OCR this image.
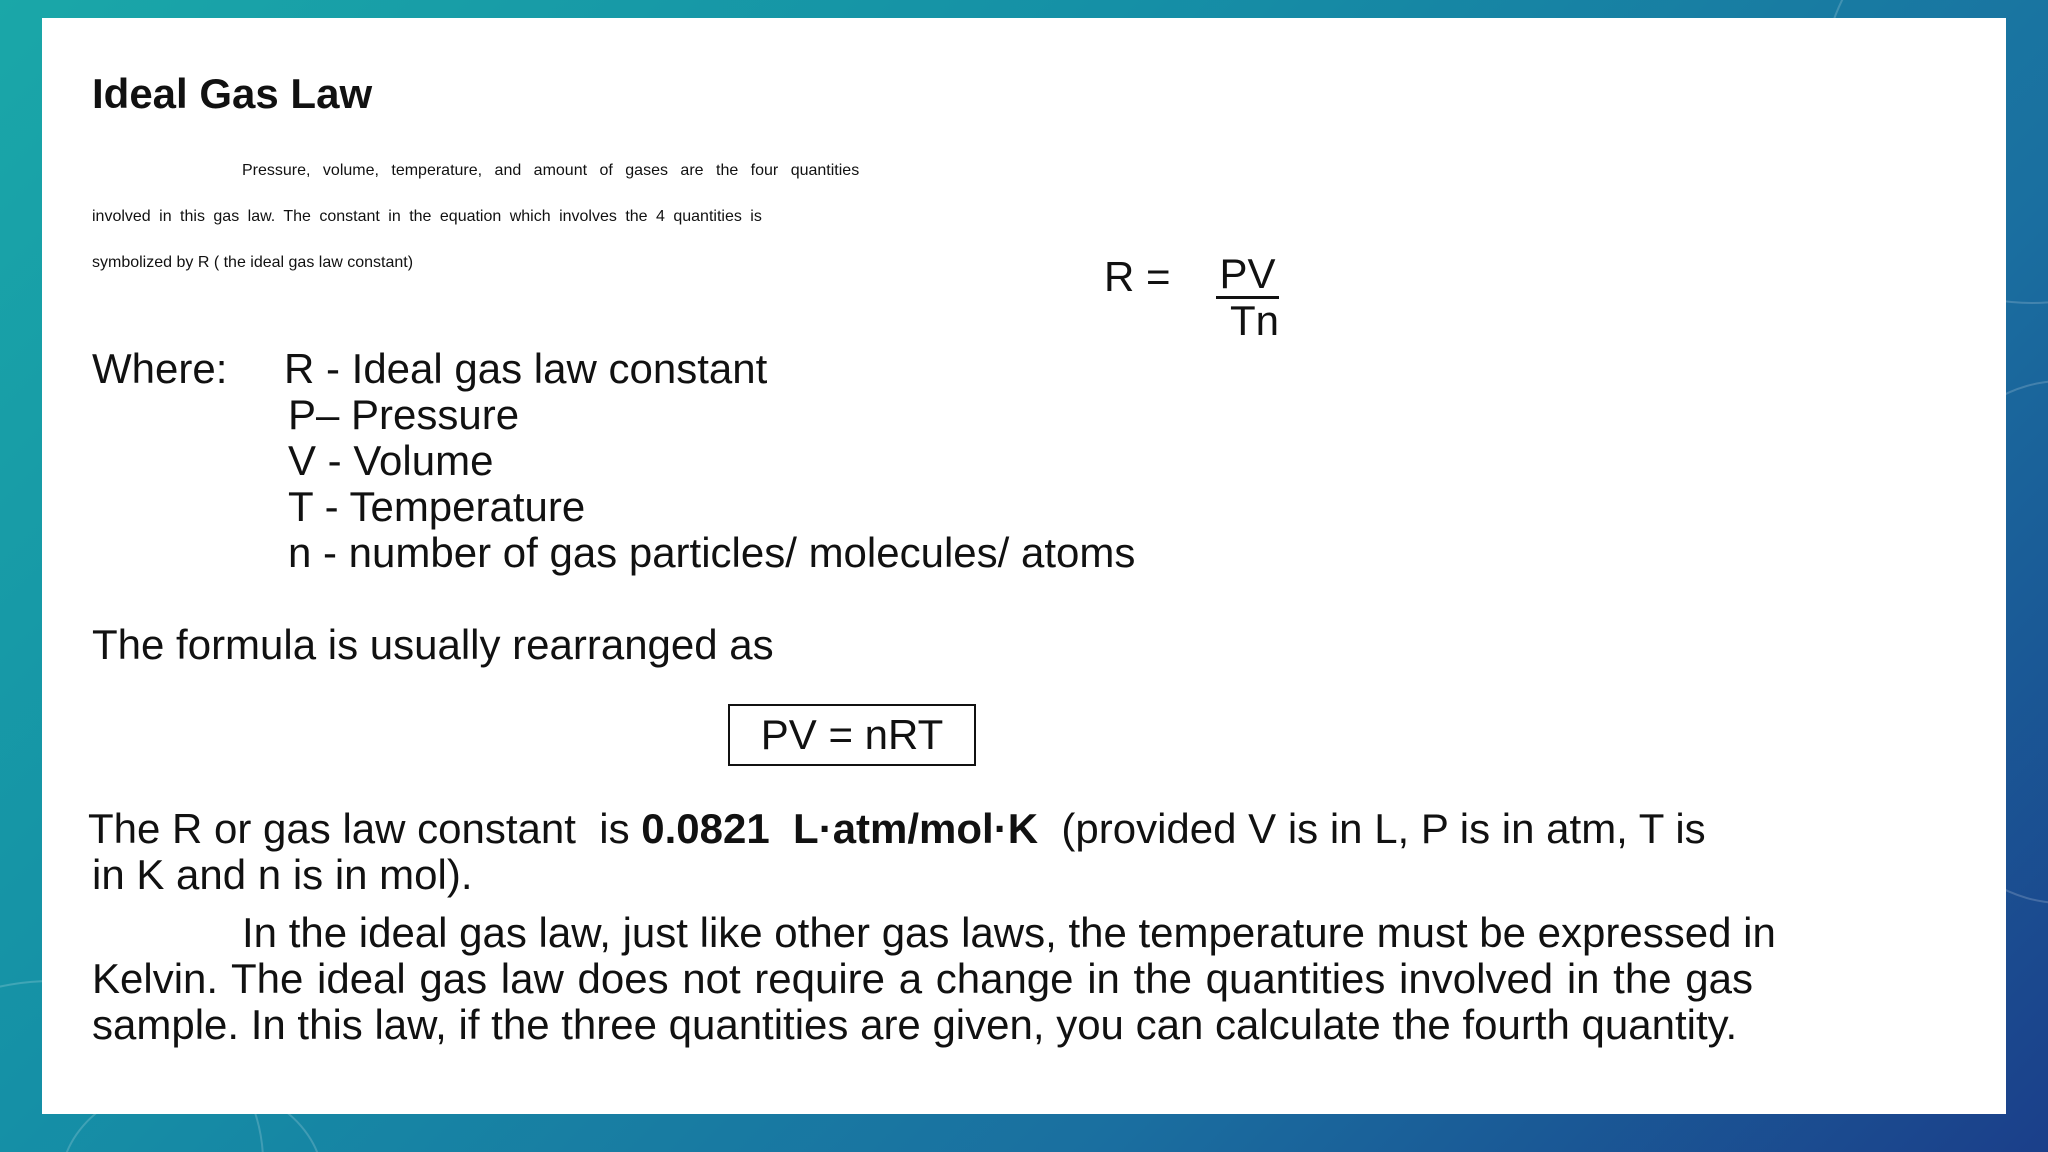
Ideal Gas Law
Pressure, volume, temperature, and amount of gases are the four quantities
involved in this gas law. The constant in the equation which involves the 4 quantities is
symbolized by R ( the ideal gas law constant)	$R = \frac{PV}{Tn}$
Where: R - Ideal gas law constant
P– Pressure
V - Volume
T - Temperature
n - number of gas particles/ molecules/ atoms
The formula is usually rearranged as
PV = nRT
The R or gas law constant  is 0.0821  L·atm/mol·K  (provided V is in L, P is in atm, T is
in K and n is in mol).
In the ideal gas law, just like other gas laws, the temperature must be expressed in
Kelvin. The ideal gas law does not require a change in the quantities involved in the gas
sample. In this law, if the three quantities are given, you can calculate the fourth quantity.
